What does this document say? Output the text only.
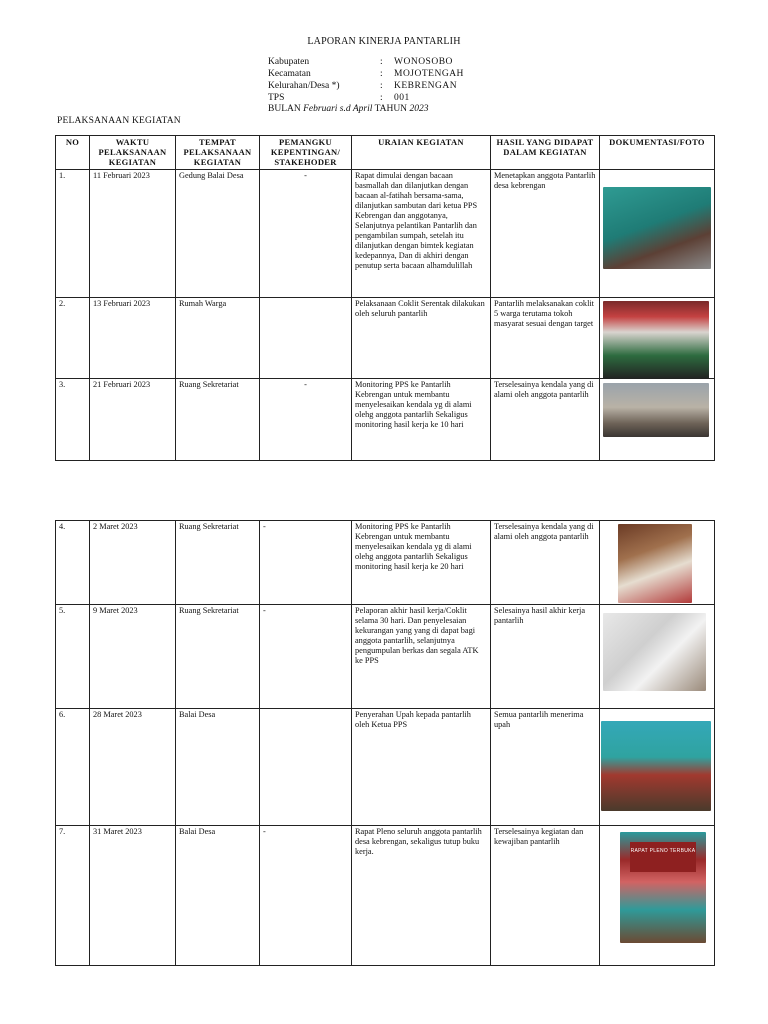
LAPORAN KINERJA PANTARLIH
Kabupaten	:	WONOSOBO
Kecamatan	:	MOJOTENGAH
Kelurahan/Desa *)	:	KEBRENGAN
TPS	:	001
BULAN Februari s.d April TAHUN 2023
PELAKSANAAN KEGIATAN
NO	WAKTU PELAKSANAAN KEGIATAN	TEMPAT PELAKSANAAN KEGIATAN	PEMANGKU KEPENTINGAN/ STAKEHODER	URAIAN KEGIATAN	HASIL YANG DIDAPAT DALAM KEGIATAN	DOKUMENTASI/FOTO
1.	11 Februari 2023	Gedung Balai Desa	-	Rapat dimulai dengan bacaan basmallah dan dilanjutkan dengan bacaan al-fatihah bersama-sama, dilanjutkan sambutan dari ketua PPS Kebrengan dan anggotanya, Selanjutnya pelantikan Pantarlih dan pengambilan sumpah, setelah itu dilanjutkan dengan bimtek kegiatan kedepannya, Dan di akhiri dengan penutup serta bacaan alhamdulillah	Menetapkan anggota Pantarlih desa kebrengan	

2.	13 Februari 2023	Rumah Warga		Pelaksanaan Coklit Serentak dilakukan oleh seluruh pantarlih	Pantarlih melaksanakan coklit 5 warga terutama tokoh masyarat sesuai dengan target	

3.	21 Februari 2023	Ruang Sekretariat	-	Monitoring PPS ke Pantarlih Kebrengan untuk membantu menyelesaikan kendala yg di alami olehg anggota pantarlih Sekaligus monitoring hasil kerja ke 10 hari	Terselesainya kendala yang di alami oleh anggota pantarlih	
4.	2 Maret 2023	Ruang Sekretariat	-	Monitoring PPS ke Pantarlih Kebrengan untuk membantu menyelesaikan kendala yg di alami olehg anggota pantarlih Sekaligus monitoring hasil kerja ke 20 hari	Terselesainya kendala yang di alami oleh anggota pantarlih	

5.	9 Maret 2023	Ruang Sekretariat	-	Pelaporan akhir hasil kerja/Coklit selama 30 hari. Dan penyelesaian kekurangan yang yang di dapat bagi anggota pantarlih, selanjutnya pengumpulan berkas dan segala ATK ke PPS	Selesainya hasil akhir kerja pantarlih	

6.	28 Maret 2023	Balai Desa		Penyerahan Upah kepada pantarlih oleh Ketua PPS	Semua pantarlih menerima upah	

7.	31 Maret 2023	Balai Desa	-	Rapat Pleno seluruh anggota pantarlih desa kebrengan, sekaligus tutup buku kerja.	Terselesainya kegiatan dan kewajiban pantarlih	RAPAT PLENO TERBUKA
